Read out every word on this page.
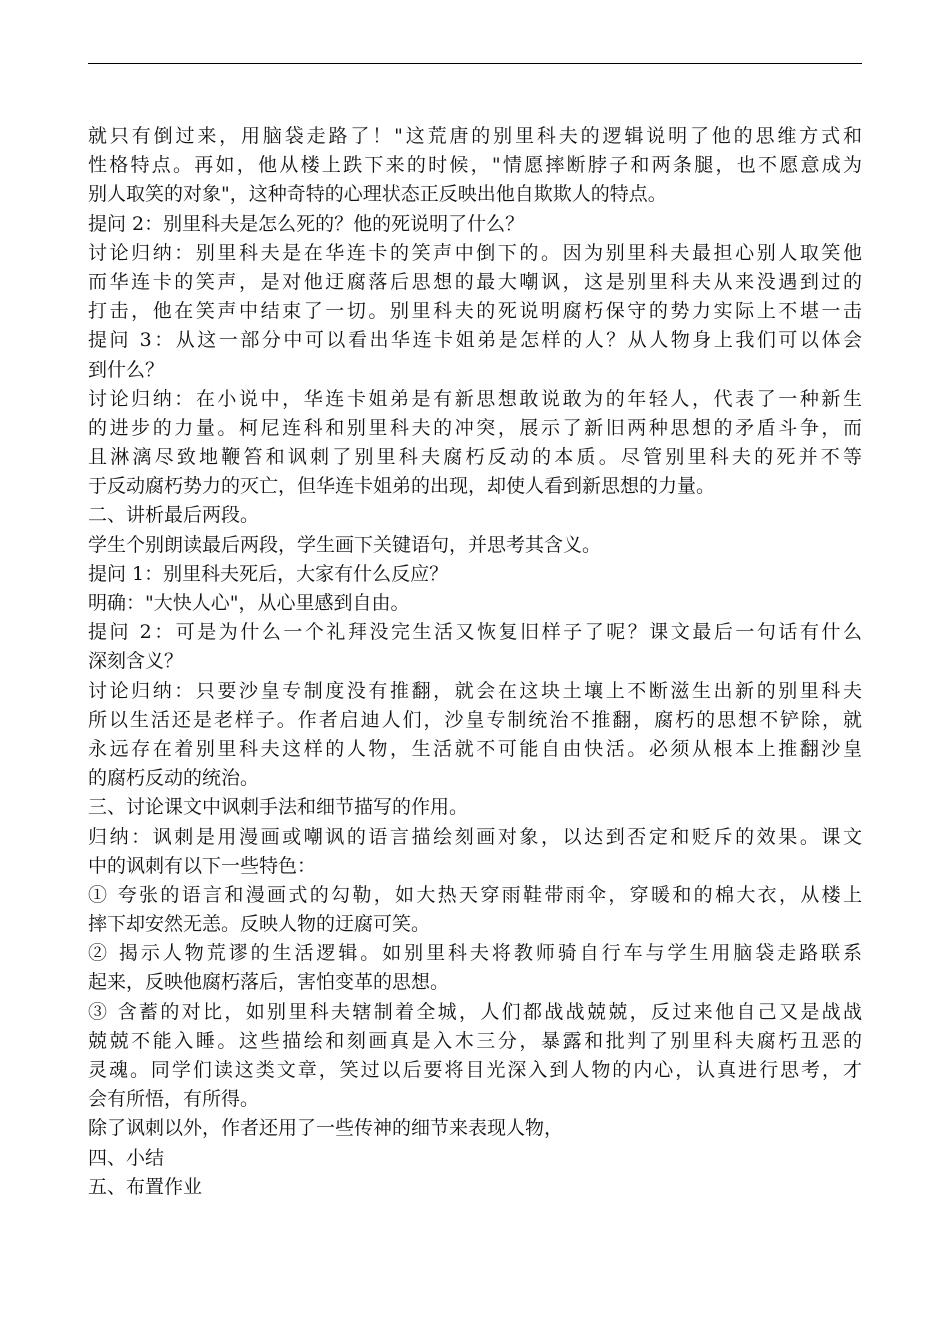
就只有倒过来，用脑袋走路了！"这荒唐的别里科夫的逻辑说明了他的思维方式和
性格特点。再如，他从楼上跌下来的时候，"情愿摔断脖子和两条腿，也不愿意成为
别人取笑的对象"，这种奇特的心理状态正反映出他自欺欺人的特点。
提问 2：别里科夫是怎么死的？他的死说明了什么？
讨论归纳：别里科夫是在华连卡的笑声中倒下的。因为别里科夫最担心别人取笑他
而华连卡的笑声，是对他迂腐落后思想的最大嘲讽，这是别里科夫从来没遇到过的
打击，他在笑声中结束了一切。别里科夫的死说明腐朽保守的势力实际上不堪一击
提问 3：从这一部分中可以看出华连卡姐弟是怎样的人？从人物身上我们可以体会
到什么？
讨论归纳：在小说中，华连卡姐弟是有新思想敢说敢为的年轻人，代表了一种新生
的进步的力量。柯尼连科和别里科夫的冲突，展示了新旧两种思想的矛盾斗争，而
且淋漓尽致地鞭笞和讽刺了别里科夫腐朽反动的本质。尽管别里科夫的死并不等
于反动腐朽势力的灭亡，但华连卡姐弟的出现，却使人看到新思想的力量。
二、讲析最后两段。
学生个别朗读最后两段，学生画下关键语句，并思考其含义。
提问 1：别里科夫死后，大家有什么反应？
明确："大快人心"，从心里感到自由。
提问 2：可是为什么一个礼拜没完生活又恢复旧样子了呢？课文最后一句话有什么
深刻含义？
讨论归纳：只要沙皇专制度没有推翻，就会在这块土壤上不断滋生出新的别里科夫
所以生活还是老样子。作者启迪人们，沙皇专制统治不推翻，腐朽的思想不铲除，就
永远存在着别里科夫这样的人物，生活就不可能自由快活。必须从根本上推翻沙皇
的腐朽反动的统治。
三、讨论课文中讽刺手法和细节描写的作用。
归纳：讽刺是用漫画或嘲讽的语言描绘刻画对象，以达到否定和贬斥的效果。课文
中的讽刺有以下一些特色：
① 夸张的语言和漫画式的勾勒，如大热天穿雨鞋带雨伞，穿暖和的棉大衣，从楼上
摔下却安然无恙。反映人物的迂腐可笑。
② 揭示人物荒谬的生活逻辑。如别里科夫将教师骑自行车与学生用脑袋走路联系
起来，反映他腐朽落后，害怕变革的思想。
③ 含蓄的对比，如别里科夫辖制着全城，人们都战战兢兢，反过来他自己又是战战
兢兢不能入睡。这些描绘和刻画真是入木三分，暴露和批判了别里科夫腐朽丑恶的
灵魂。同学们读这类文章，笑过以后要将目光深入到人物的内心，认真进行思考，才
会有所悟，有所得。
除了讽刺以外，作者还用了一些传神的细节来表现人物，
四、小结
五、布置作业
